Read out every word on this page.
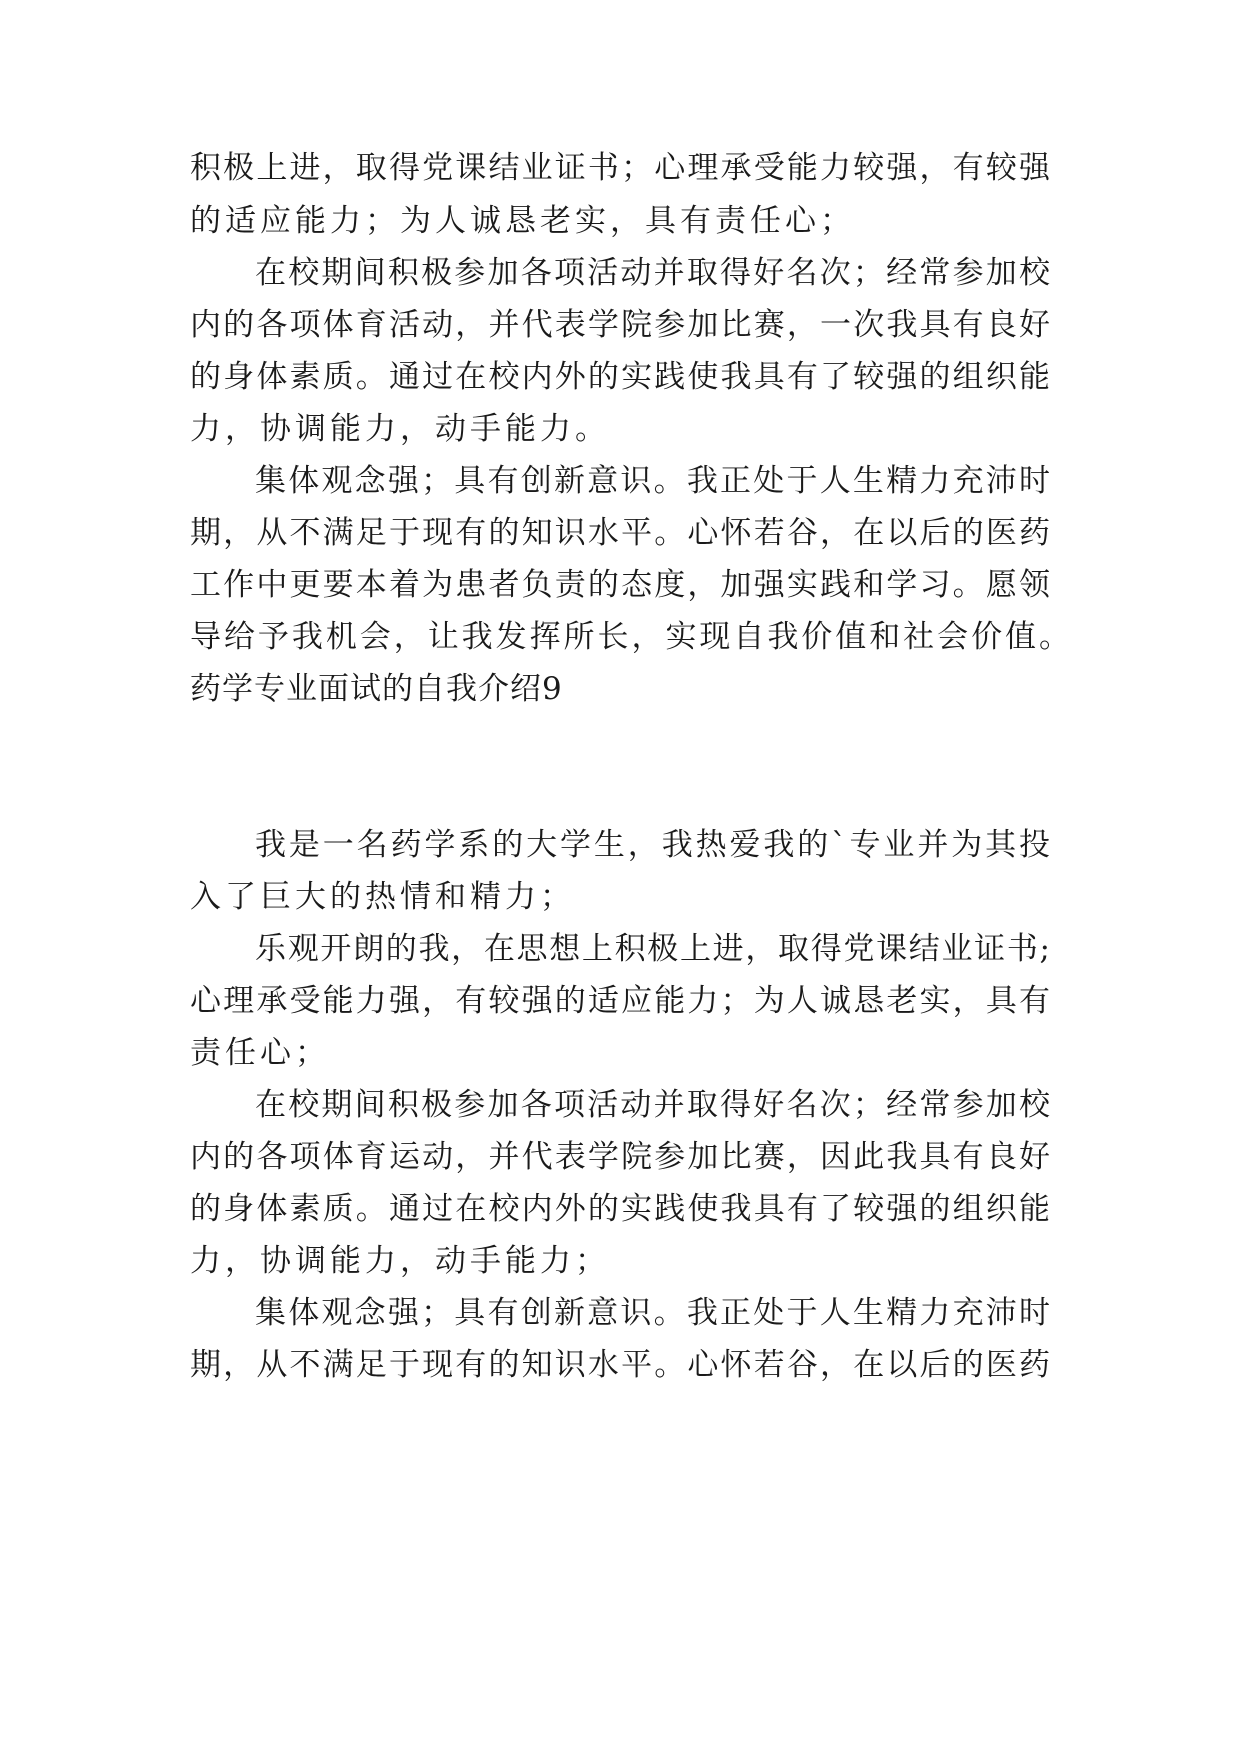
积极上进，取得党课结业证书；心理承受能力较强，有较强
的适应能力；为人诚恳老实，具有责任心；
在校期间积极参加各项活动并取得好名次；经常参加校
内的各项体育活动，并代表学院参加比赛，一次我具有良好
的身体素质。通过在校内外的实践使我具有了较强的组织能
力，协调能力，动手能力。
集体观念强；具有创新意识。我正处于人生精力充沛时
期，从不满足于现有的知识水平。心怀若谷，在以后的医药
工作中更要本着为患者负责的态度，加强实践和学习。愿领
导给予我机会，让我发挥所长，实现自我价值和社会价值。
药学专业面试的自我介绍9
我是一名药学系的大学生，我热爱我的`专业并为其投
入了巨大的热情和精力；
乐观开朗的我，在思想上积极上进，取得党课结业证书;
心理承受能力强，有较强的适应能力；为人诚恳老实，具有
责任心；
在校期间积极参加各项活动并取得好名次；经常参加校
内的各项体育运动，并代表学院参加比赛，因此我具有良好
的身体素质。通过在校内外的实践使我具有了较强的组织能
力，协调能力，动手能力；
集体观念强；具有创新意识。我正处于人生精力充沛时
期，从不满足于现有的知识水平。心怀若谷，在以后的医药
